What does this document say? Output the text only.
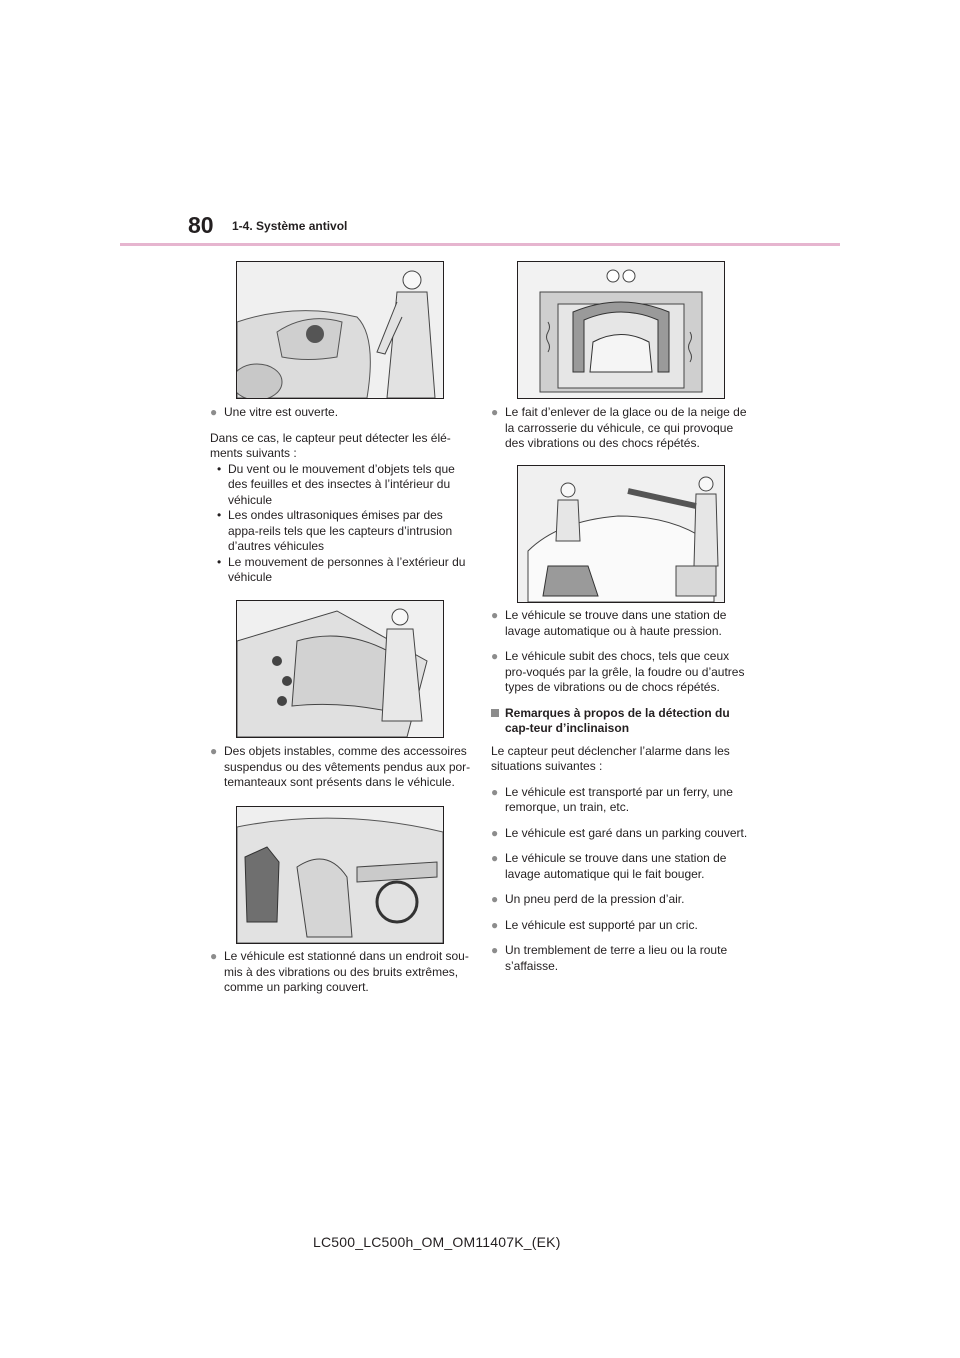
80 1-4. Système antivol
● Une vitre est ouverte.
Dans ce cas, le capteur peut détecter les élé-ments suivants :
• Du vent ou le mouvement d’objets tels que des feuilles et des insectes à l’intérieur du véhicule
• Les ondes ultrasoniques émises par des appa-reils tels que les capteurs d’intrusion d’autres véhicules
• Le mouvement de personnes à l’extérieur du véhicule
● Des objets instables, comme des accessoires suspendus ou des vêtements pendus aux por-temanteaux sont présents dans le véhicule.
● Le véhicule est stationné dans un endroit sou-mis à des vibrations ou des bruits extrêmes, comme un parking couvert.
● Le fait d’enlever de la glace ou de la neige de la carrosserie du véhicule, ce qui provoque des vibrations ou des chocs répétés.
● Le véhicule se trouve dans une station de lavage automatique ou à haute pression.
● Le véhicule subit des chocs, tels que ceux pro-voqués par la grêle, la foudre ou d’autres types de vibrations ou de chocs répétés.
Remarques à propos de la détection du cap-teur d’inclinaison
Le capteur peut déclencher l’alarme dans les situations suivantes :
● Le véhicule est transporté par un ferry, une remorque, un train, etc.
● Le véhicule est garé dans un parking couvert.
● Le véhicule se trouve dans une station de lavage automatique qui le fait bouger.
● Un pneu perd de la pression d’air.
● Le véhicule est supporté par un cric.
● Un tremblement de terre a lieu ou la route s’affaisse.
LC500_LC500h_OM_OM11407K_(EK)
